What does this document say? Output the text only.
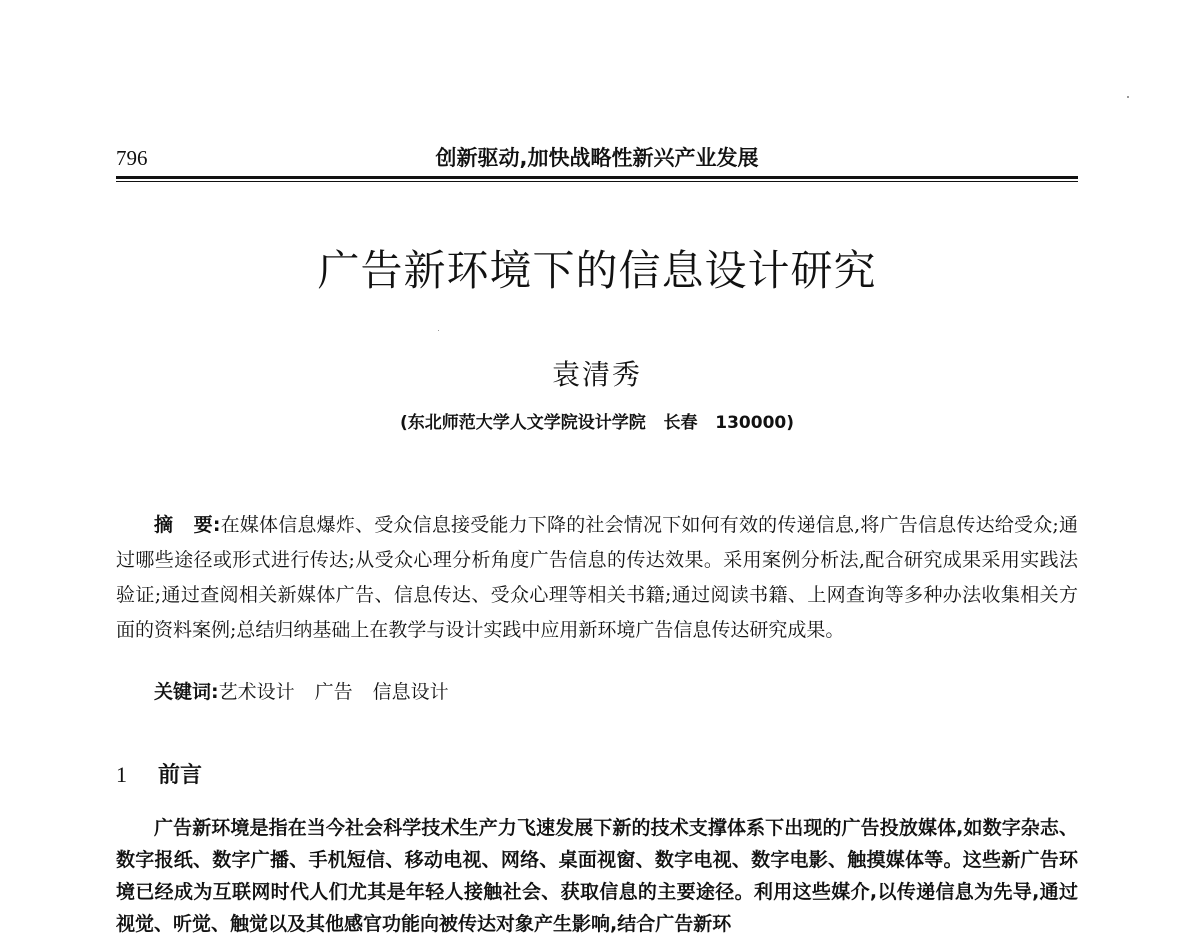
796	创新驱动,加快战略性新兴产业发展
广告新环境下的信息设计研究
袁清秀
(东北师范大学人文学院设计学院   长春   130000)

摘   要:在媒体信息爆炸、受众信息接受能力下降的社会情况下如何有效的传递信息,将广告信息传达给受众;通过哪些途径或形式进行传达;从受众心理分析角度广告信息的传达效果。采用案例分析法,配合研究成果采用实践法验证;通过查阅相关新媒体广告、信息传达、受众心理等相关书籍;通过阅读书籍、上网查询等多种办法收集相关方面的资料案例;总结归纳基础上在教学与设计实践中应用新环境广告信息传达研究成果。

关键词:艺术设计 广告 信息设计
1 前言

广告新环境是指在当今社会科学技术生产力飞速发展下新的技术支撑体系下出现的广告投放媒体,如数字杂志、数字报纸、数字广播、手机短信、移动电视、网络、桌面视窗、数字电视、数字电影、触摸媒体等。这些新广告环境已经成为互联网时代人们尤其是年轻人接触社会、获取信息的主要途径。利用这些媒介,以传递信息为先导,通过视觉、听觉、触觉以及其他感官功能向被传达对象产生影响,结合广告新环
